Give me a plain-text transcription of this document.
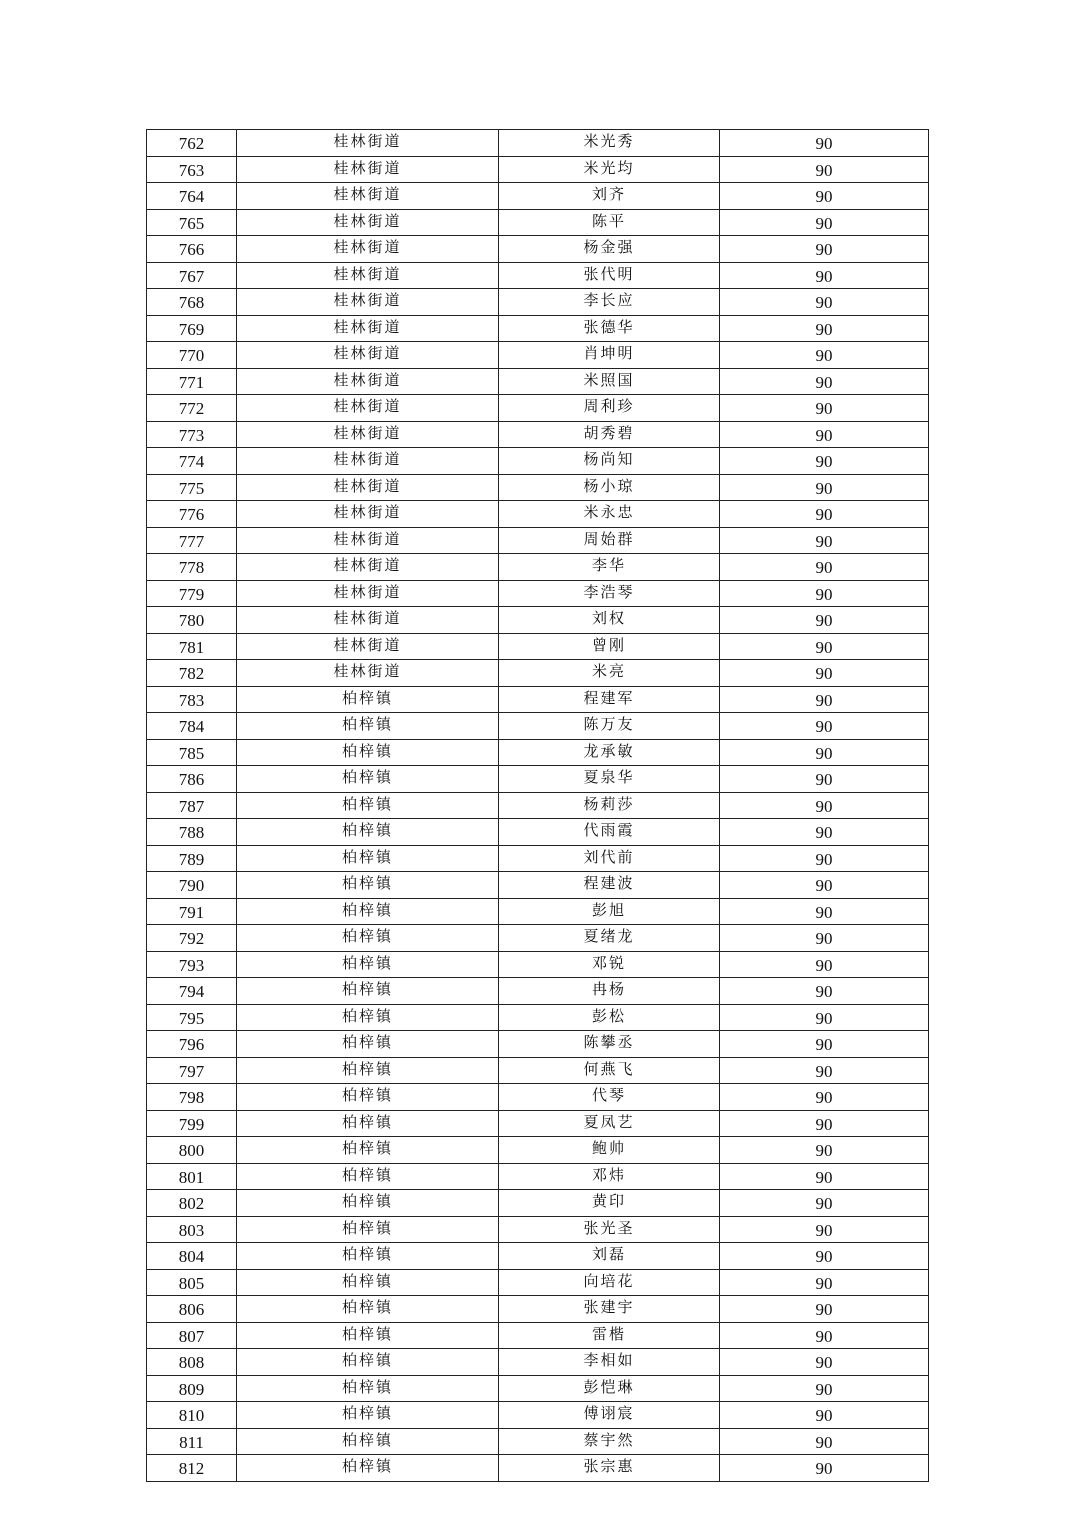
762	桂林街道	米光秀	90
763	桂林街道	米光均	90
764	桂林街道	刘齐	90
765	桂林街道	陈平	90
766	桂林街道	杨金强	90
767	桂林街道	张代明	90
768	桂林街道	李长应	90
769	桂林街道	张德华	90
770	桂林街道	肖坤明	90
771	桂林街道	米照国	90
772	桂林街道	周利珍	90
773	桂林街道	胡秀碧	90
774	桂林街道	杨尚知	90
775	桂林街道	杨小琼	90
776	桂林街道	米永忠	90
777	桂林街道	周始群	90
778	桂林街道	李华	90
779	桂林街道	李浩琴	90
780	桂林街道	刘权	90
781	桂林街道	曾刚	90
782	桂林街道	米亮	90
783	柏梓镇	程建军	90
784	柏梓镇	陈万友	90
785	柏梓镇	龙承敏	90
786	柏梓镇	夏泉华	90
787	柏梓镇	杨莉莎	90
788	柏梓镇	代雨霞	90
789	柏梓镇	刘代前	90
790	柏梓镇	程建波	90
791	柏梓镇	彭旭	90
792	柏梓镇	夏绪龙	90
793	柏梓镇	邓锐	90
794	柏梓镇	冉杨	90
795	柏梓镇	彭松	90
796	柏梓镇	陈攀丞	90
797	柏梓镇	何燕飞	90
798	柏梓镇	代琴	90
799	柏梓镇	夏凤艺	90
800	柏梓镇	鲍帅	90
801	柏梓镇	邓炜	90
802	柏梓镇	黄印	90
803	柏梓镇	张光圣	90
804	柏梓镇	刘磊	90
805	柏梓镇	向培花	90
806	柏梓镇	张建宇	90
807	柏梓镇	雷楷	90
808	柏梓镇	李相如	90
809	柏梓镇	彭恺琳	90
810	柏梓镇	傅诩宸	90
811	柏梓镇	蔡宇然	90
812	柏梓镇	张宗惠	90
